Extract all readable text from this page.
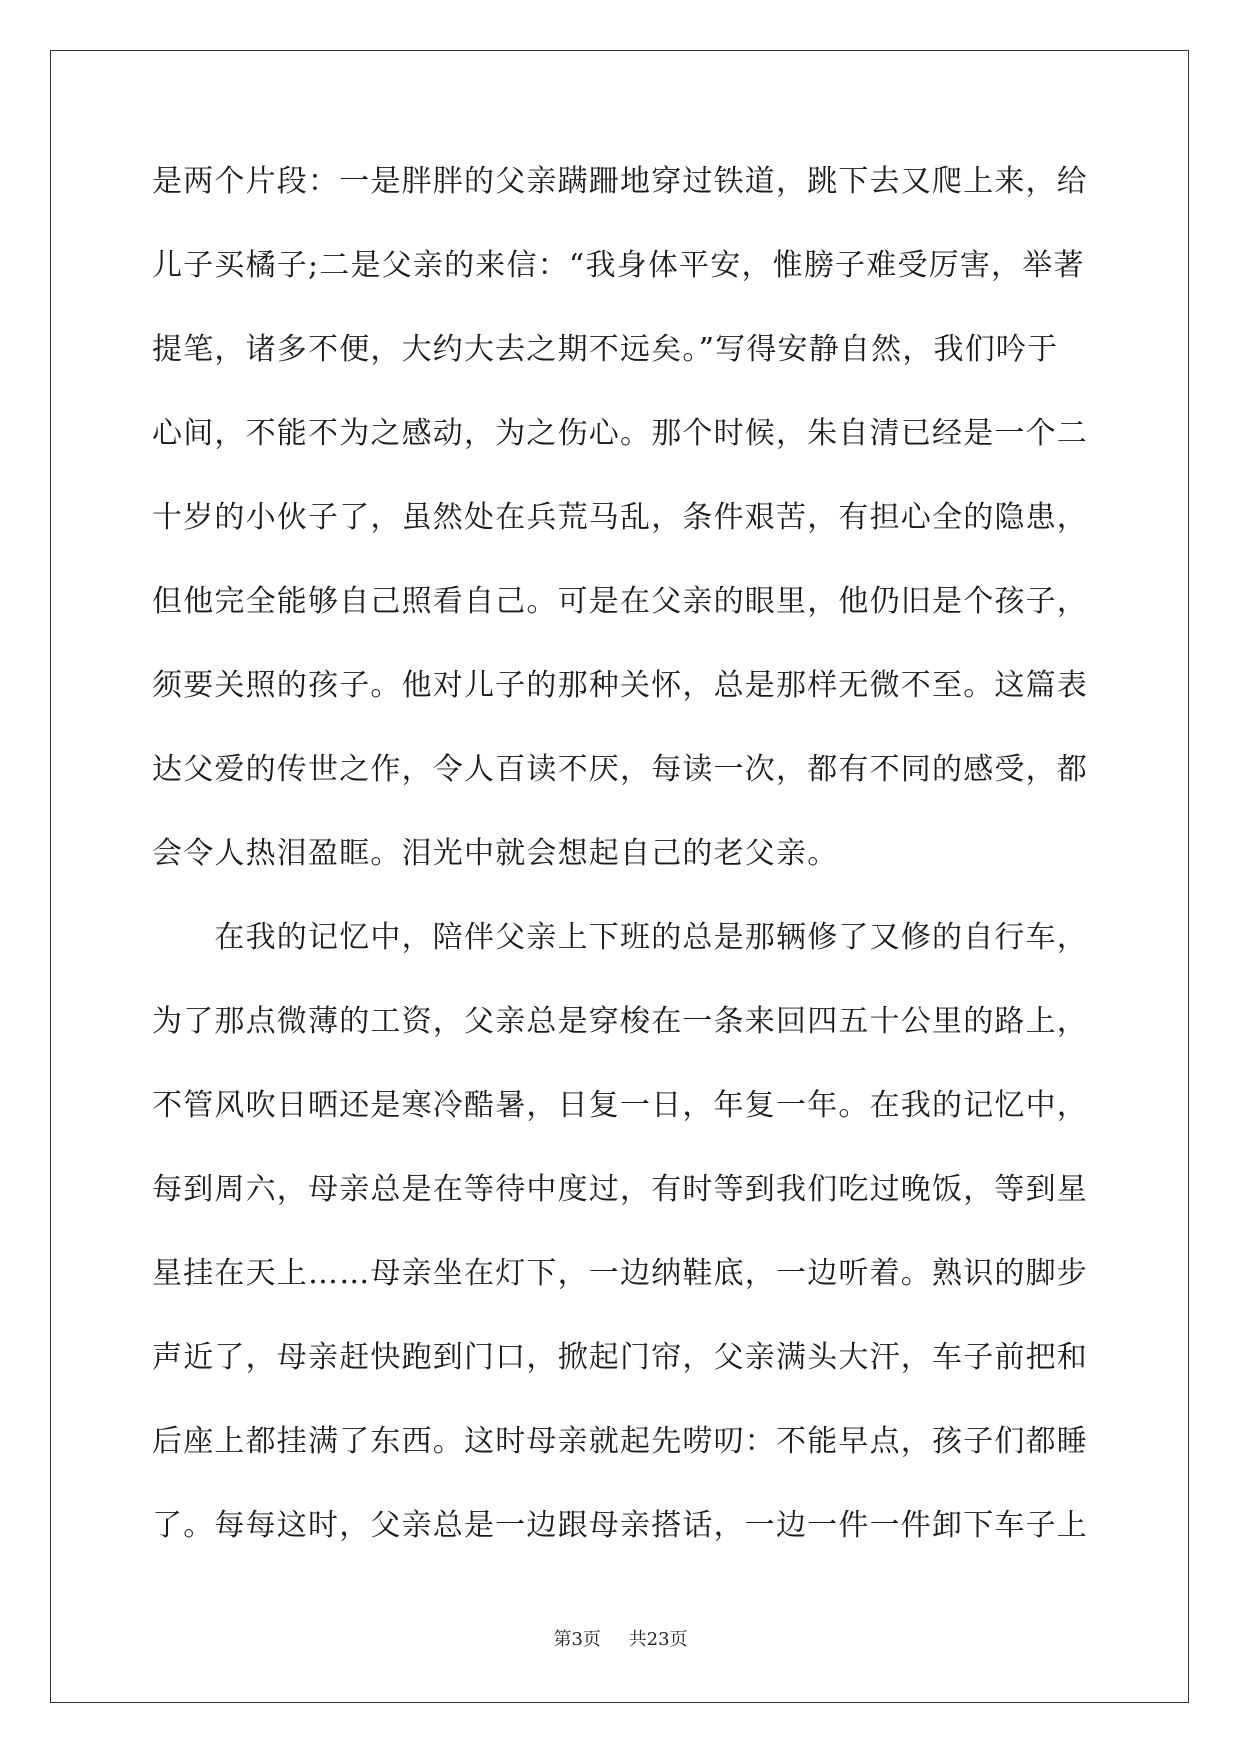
是两个片段：一是胖胖的父亲蹒跚地穿过铁道，跳下去又爬上来，给
儿子买橘子;二是父亲的来信：“我身体平安，惟膀子难受厉害，举著
提笔，诸多不便，大约大去之期不远矣。”写得安静自然，我们吟于
心间，不能不为之感动，为之伤心。那个时候，朱自清已经是一个二
十岁的小伙子了，虽然处在兵荒马乱，条件艰苦，有担心全的隐患，
但他完全能够自己照看自己。可是在父亲的眼里，他仍旧是个孩子，
须要关照的孩子。他对儿子的那种关怀，总是那样无微不至。这篇表
达父爱的传世之作，令人百读不厌，每读一次，都有不同的感受，都
会令人热泪盈眶。泪光中就会想起自己的老父亲。
　　在我的记忆中，陪伴父亲上下班的总是那辆修了又修的自行车，
为了那点微薄的工资，父亲总是穿梭在一条来回四五十公里的路上，
不管风吹日晒还是寒冷酷暑，日复一日，年复一年。在我的记忆中，
每到周六，母亲总是在等待中度过，有时等到我们吃过晚饭，等到星
星挂在天上……母亲坐在灯下，一边纳鞋底，一边听着。熟识的脚步
声近了，母亲赶快跑到门口，掀起门帘，父亲满头大汗，车子前把和
后座上都挂满了东西。这时母亲就起先唠叨：不能早点，孩子们都睡
了。每每这时，父亲总是一边跟母亲搭话，一边一件一件卸下车子上
第3页 共23页
